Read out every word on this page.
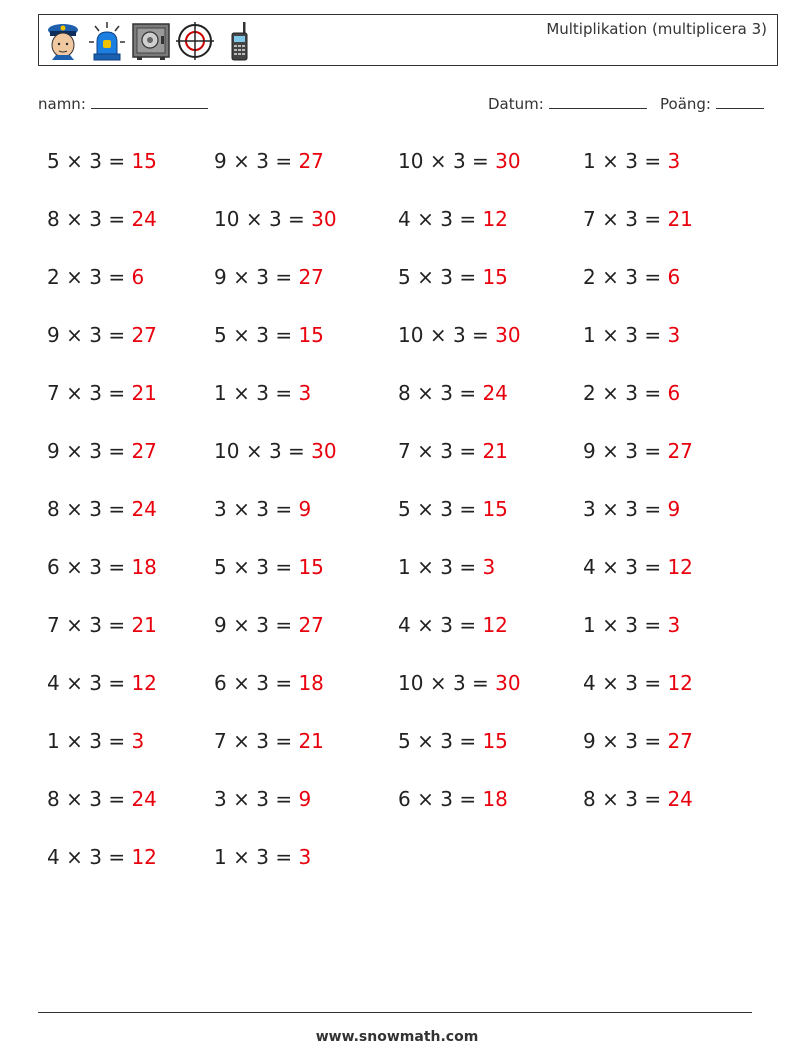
Multiplikation (multiplicera 3)
namn:	Datum:	Poäng:
5 × 3 = 15	9 × 3 = 27	10 × 3 = 30	1 × 3 = 3
8 × 3 = 24	10 × 3 = 30	4 × 3 = 12	7 × 3 = 21
2 × 3 = 6	9 × 3 = 27	5 × 3 = 15	2 × 3 = 6
9 × 3 = 27	5 × 3 = 15	10 × 3 = 30	1 × 3 = 3
7 × 3 = 21	1 × 3 = 3	8 × 3 = 24	2 × 3 = 6
9 × 3 = 27	10 × 3 = 30	7 × 3 = 21	9 × 3 = 27
8 × 3 = 24	3 × 3 = 9	5 × 3 = 15	3 × 3 = 9
6 × 3 = 18	5 × 3 = 15	1 × 3 = 3	4 × 3 = 12
7 × 3 = 21	9 × 3 = 27	4 × 3 = 12	1 × 3 = 3
4 × 3 = 12	6 × 3 = 18	10 × 3 = 30	4 × 3 = 12
1 × 3 = 3	7 × 3 = 21	5 × 3 = 15	9 × 3 = 27
8 × 3 = 24	3 × 3 = 9	6 × 3 = 18	8 × 3 = 24
4 × 3 = 12	1 × 3 = 3
www.snowmath.com
